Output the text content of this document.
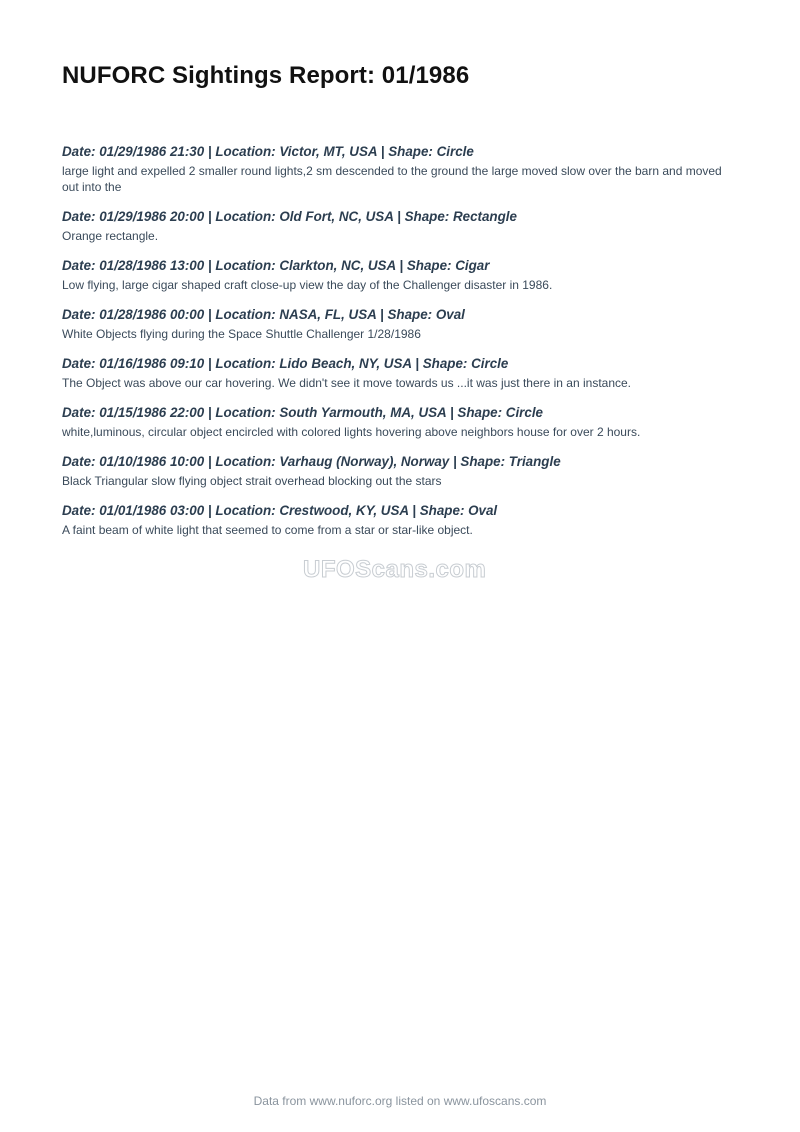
NUFORC Sightings Report: 01/1986

Date: 01/29/1986 21:30 | Location: Victor, MT, USA | Shape: Circle

large light and expelled 2 smaller round lights,2 sm descended to the ground the large moved slow over the barn and moved out into the

Date: 01/29/1986 20:00 | Location: Old Fort, NC, USA | Shape: Rectangle

Orange rectangle.

Date: 01/28/1986 13:00 | Location: Clarkton, NC, USA | Shape: Cigar

Low flying, large cigar shaped craft close-up view the day of the Challenger disaster in 1986.

Date: 01/28/1986 00:00 | Location: NASA, FL, USA | Shape: Oval

White Objects flying during the Space Shuttle Challenger 1/28/1986

Date: 01/16/1986 09:10 | Location: Lido Beach, NY, USA | Shape: Circle

The Object was above our car hovering. We didn't see it move towards us ...it was just there in an instance.

Date: 01/15/1986 22:00 | Location: South Yarmouth, MA, USA | Shape: Circle

white,luminous, circular object encircled with colored lights hovering above neighbors house for over 2 hours.

Date: 01/10/1986 10:00 | Location: Varhaug (Norway), Norway | Shape: Triangle

Black Triangular slow flying object strait overhead blocking out the stars

Date: 01/01/1986 03:00 | Location: Crestwood, KY, USA | Shape: Oval

A faint beam of white light that seemed to come from a star or star-like object.

UFOScans.com
Data from www.nuforc.org listed on www.ufoscans.com
